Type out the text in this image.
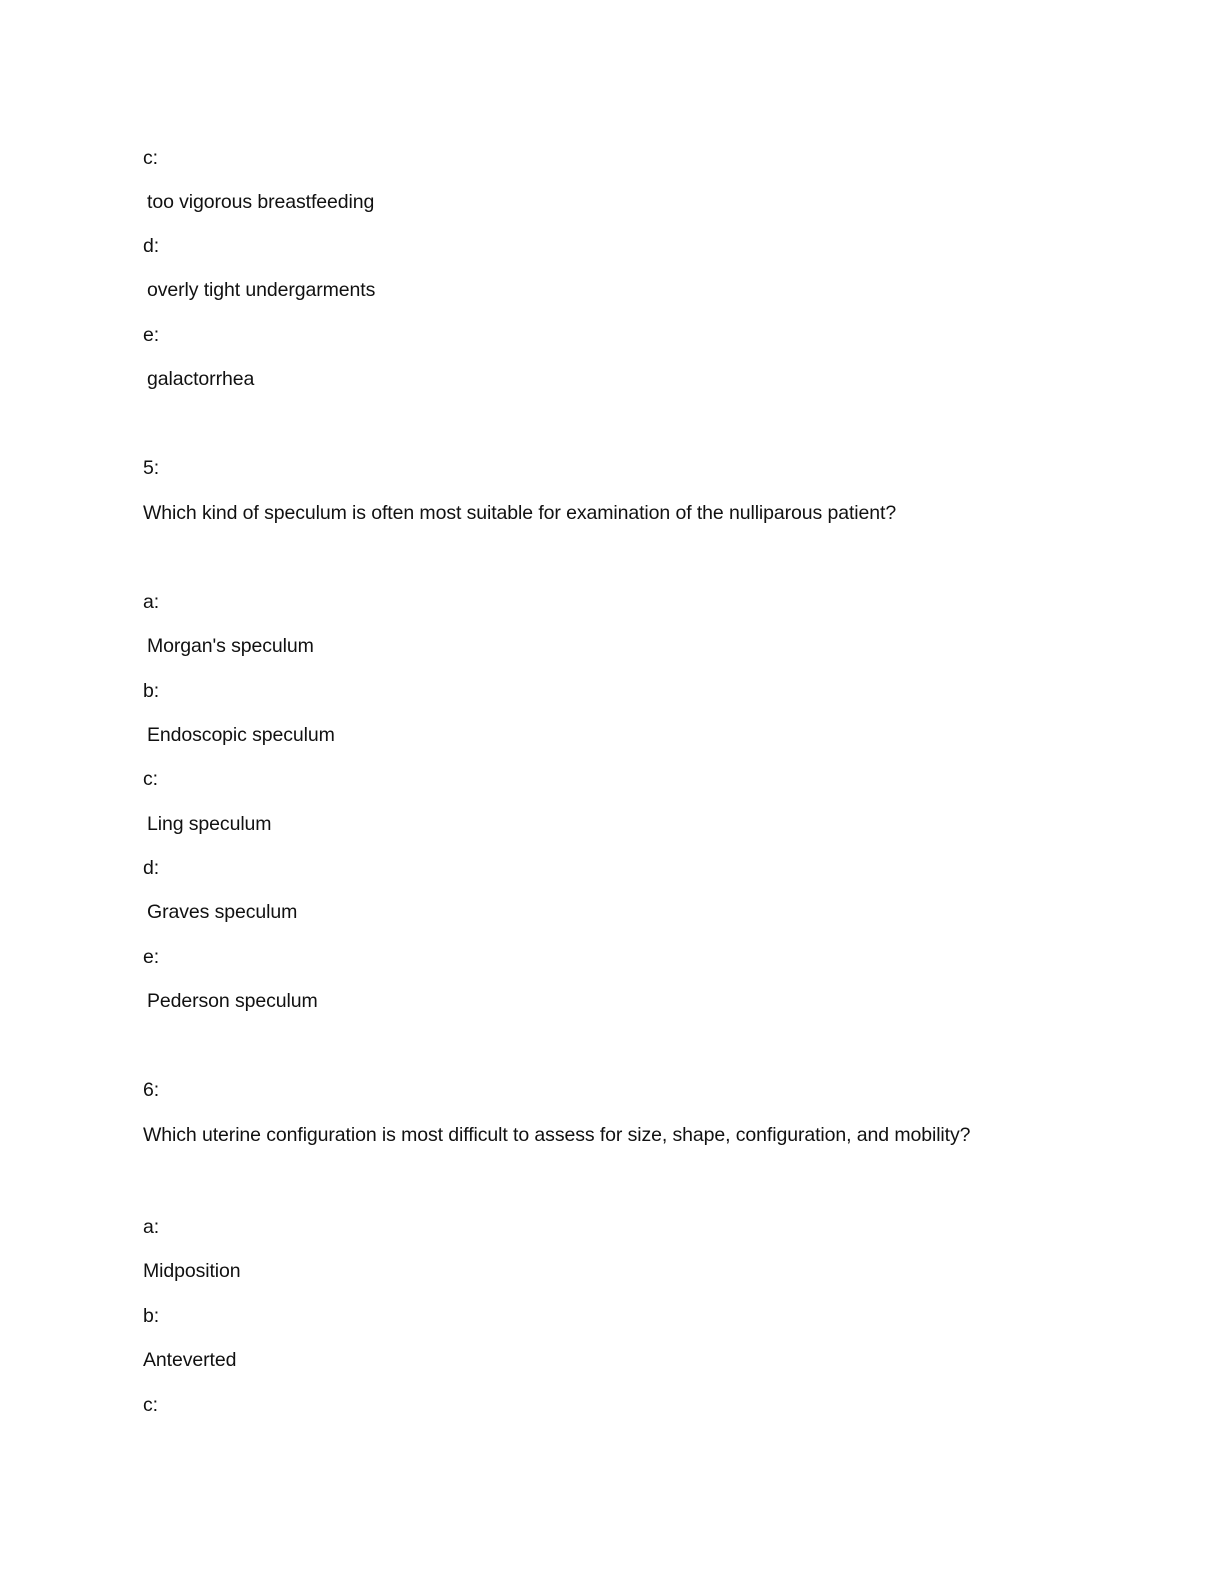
c:
too vigorous breastfeeding
d:
overly tight undergarments
e:
galactorrhea
5:
Which kind of speculum is often most suitable for examination of the nulliparous patient?
a:
Morgan's speculum
b:
Endoscopic speculum
c:
Ling speculum
d:
Graves speculum
e:
Pederson speculum
6:
Which uterine configuration is most difficult to assess for size, shape, configuration, and mobility?
a:
Midposition
b:
Anteverted
c:
